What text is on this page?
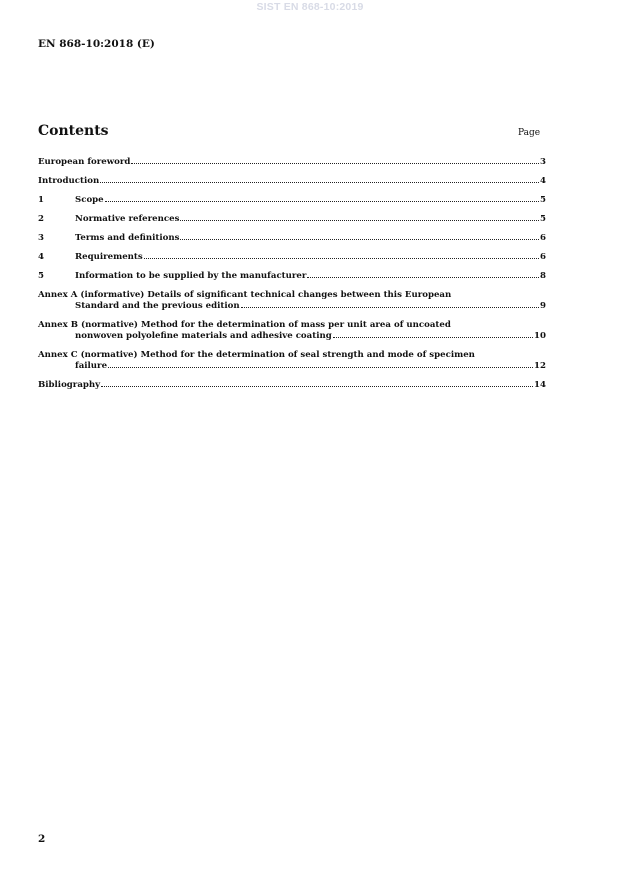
SIST EN 868-10:2019
EN 868-10:2018 (E)
Contents	Page
European foreword	3
Introduction	4
1	Scope	5
2	Normative references	5
3	Terms and definitions	6
4	Requirements	6
5	Information to be supplied by the manufacturer	8
Annex A (informative) Details of significant technical changes between this European
Standard and the previous edition	9
Annex B (normative) Method for the determination of mass per unit area of uncoated
nonwoven polyolefine materials and adhesive coating	10
Annex C (normative) Method for the determination of seal strength and mode of specimen
failure	12
Bibliography	14
2
